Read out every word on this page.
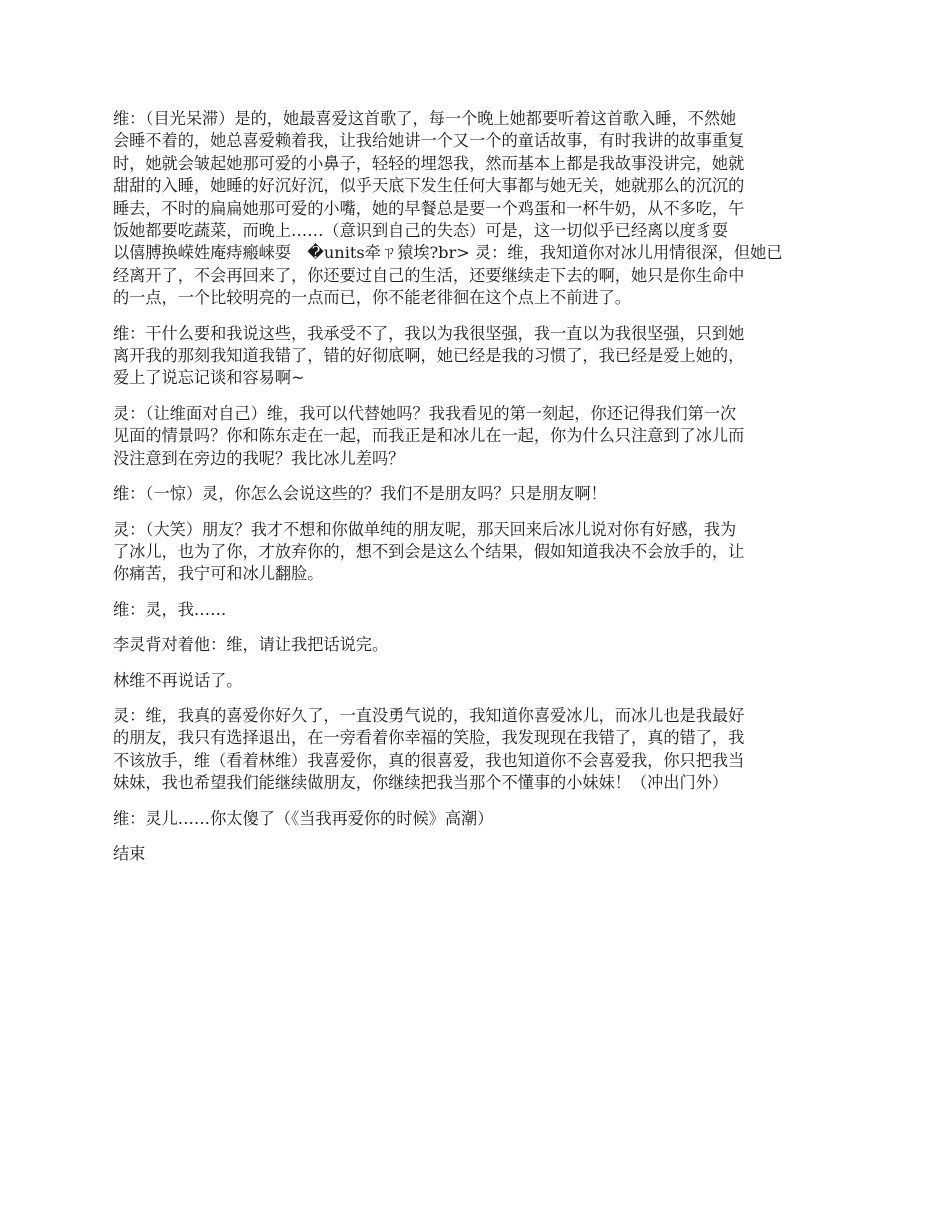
维：（目光呆滞）是的，她最喜爱这首歌了，每一个晚上她都要听着这首歌入睡，不然她
会睡不着的，她总喜爱赖着我，让我给她讲一个又一个的童话故事，有时我讲的故事重复
时，她就会皱起她那可爱的小鼻子，轻轻的埋怨我，然而基本上都是我故事没讲完，她就
甜甜的入睡，她睡的好沉好沉，似乎天底下发生任何大事都与她无关，她就那么的沉沉的
睡去，不时的扁扁她那可爱的小嘴，她的早餐总是要一个鸡蛋和一杯牛奶，从不多吃，午
饭她都要吃蔬菜，而晚上……（意识到自己的失态）可是，这一切似乎已经离以度豸耍
以僖膊换嵘姓庵痔瘢崃耍　�units牵ㄗ猿埃?br> 灵：维，我知道你对冰儿用情很深，但她已
经离开了，不会再回来了，你还要过自己的生活，还要继续走下去的啊，她只是你生命中
的一点，一个比较明亮的一点而已，你不能老徘徊在这个点上不前进了。

维：干什么要和我说这些，我承受不了，我以为我很坚强，我一直以为我很坚强，只到她
离开我的那刻我知道我错了，错的好彻底啊，她已经是我的习惯了，我已经是爱上她的，
爱上了说忘记谈和容易啊~

灵：（让维面对自己）维，我可以代替她吗？我我看见的第一刻起，你还记得我们第一次
见面的情景吗？你和陈东走在一起，而我正是和冰儿在一起，你为什么只注意到了冰儿而
没注意到在旁边的我呢？我比冰儿差吗？

维：（一惊）灵，你怎么会说这些的？我们不是朋友吗？只是朋友啊！

灵：（大笑）朋友？我才不想和你做单纯的朋友呢，那天回来后冰儿说对你有好感，我为
了冰儿，也为了你，才放弃你的，想不到会是这么个结果，假如知道我决不会放手的，让
你痛苦，我宁可和冰儿翻脸。

维：灵，我……

李灵背对着他：维，请让我把话说完。

林维不再说话了。

灵：维，我真的喜爱你好久了，一直没勇气说的，我知道你喜爱冰儿，而冰儿也是我最好
的朋友，我只有选择退出，在一旁看着你幸福的笑脸，我发现现在我错了，真的错了，我
不该放手，维（看着林维）我喜爱你，真的很喜爱，我也知道你不会喜爱我，你只把我当
妹妹，我也希望我们能继续做朋友，你继续把我当那个不懂事的小妹妹！（冲出门外）

维：灵儿……你太傻了（《当我再爱你的时候》高潮）

结束
